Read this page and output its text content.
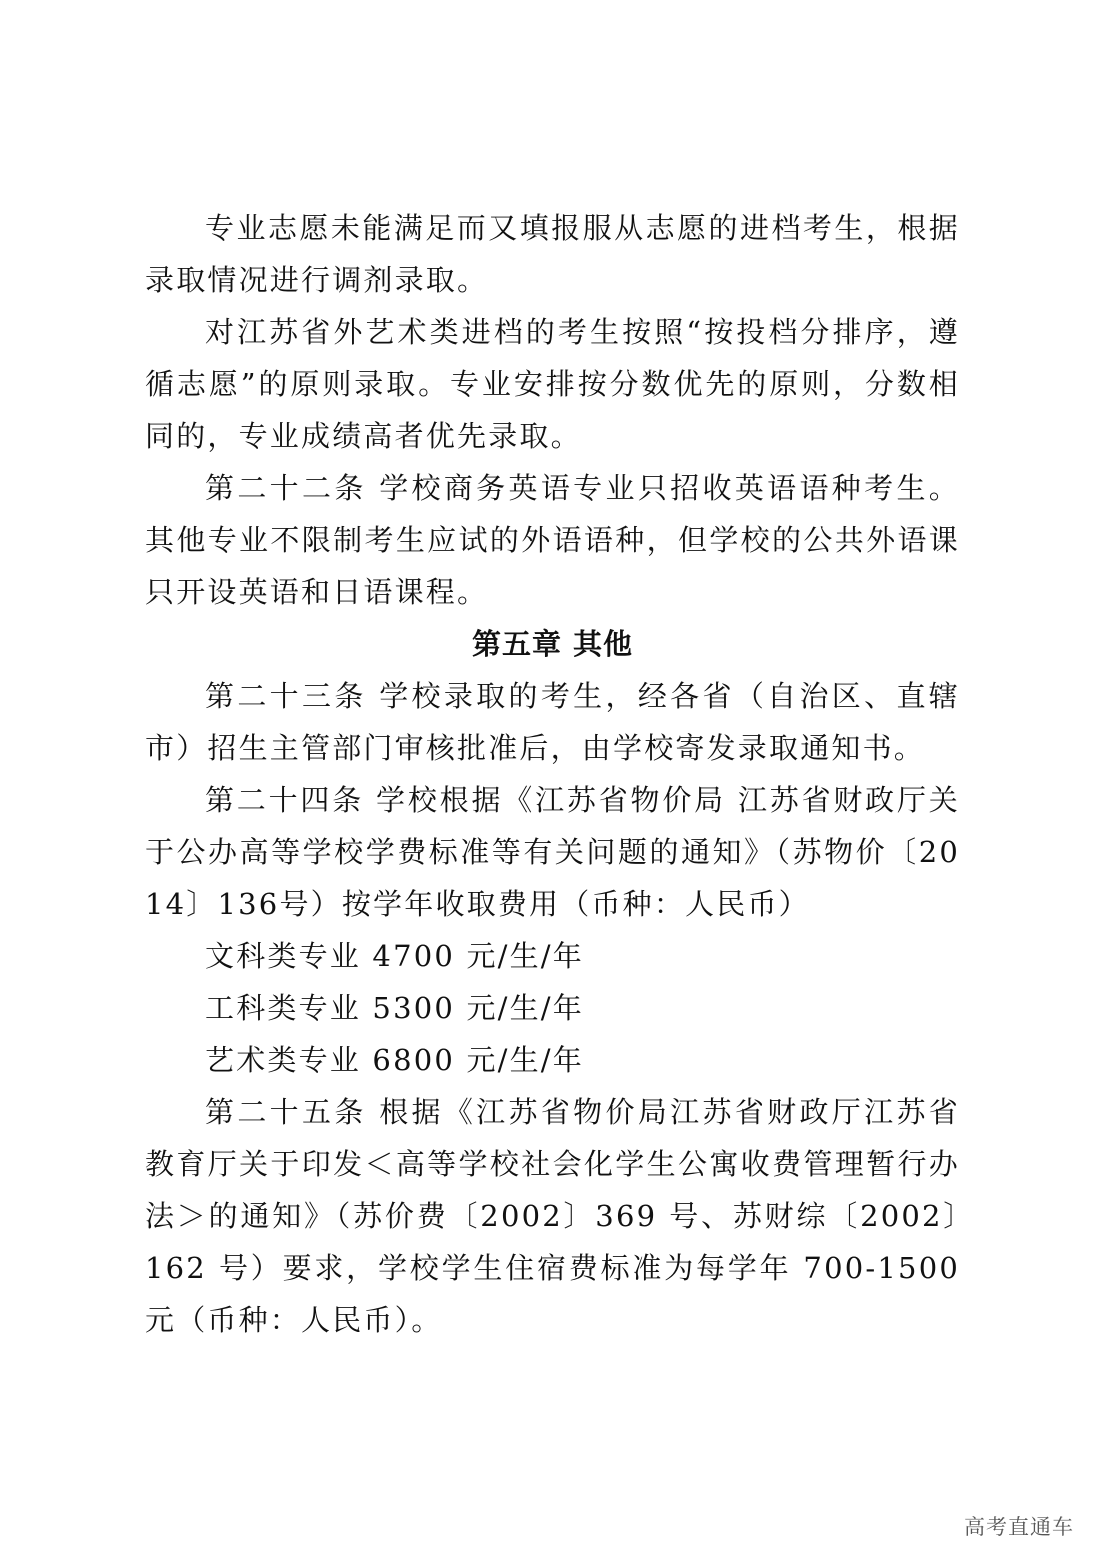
专业志愿未能满足而又填报服从志愿的进档考生，根据录取情况进行调剂录取。

对江苏省外艺术类进档的考生按照“按投档分排序，遵循志愿”的原则录取。专业安排按分数优先的原则，分数相同的，专业成绩高者优先录取。

第二十二条 学校商务英语专业只招收英语语种考生。其他专业不限制考生应试的外语语种，但学校的公共外语课只开设英语和日语课程。

第五章 其他

第二十三条 学校录取的考生，经各省（自治区、直辖市）招生主管部门审核批准后，由学校寄发录取通知书。

第二十四条 学校根据《江苏省物价局 江苏省财政厅关于公办高等学校学费标准等有关问题的通知》（苏物价〔2014〕136号）按学年收取费用（币种：人民币）

文科类专业 4700 元/生/年

工科类专业 5300 元/生/年

艺术类专业 6800 元/生/年

第二十五条 根据《江苏省物价局江苏省财政厅江苏省教育厅关于印发＜高等学校社会化学生公寓收费管理暂行办法＞的通知》（苏价费〔2002〕369 号、苏财综〔2002〕162 号）要求，学校学生住宿费标准为每学年 700-1500 元（币种：人民币）。

高考直通车
